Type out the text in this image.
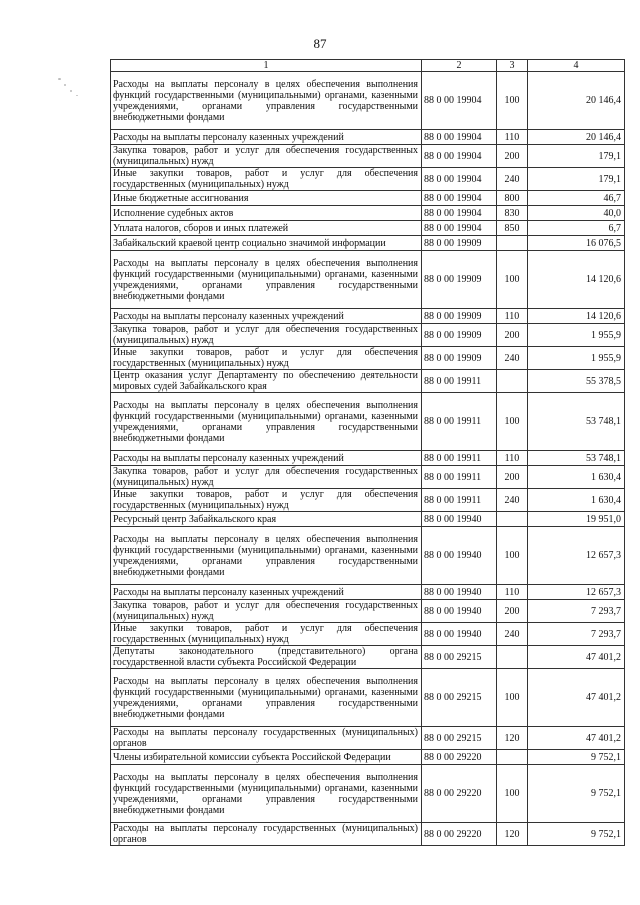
87
1	2	3	4
Расходы на выплаты персоналу в целях обеспечения выполнения функций государственными (муниципальными) органами, казенными учреждениями, органами управления государственными внебюджетными фондами	88 0 00 19904	100	20 146,4
Расходы на выплаты персоналу казенных учреждений	88 0 00 19904	110	20 146,4
Закупка товаров, работ и услуг для обеспечения государственных (муниципальных) нужд	88 0 00 19904	200	179,1
Иные закупки товаров, работ и услуг для обеспечения государственных (муниципальных) нужд	88 0 00 19904	240	179,1
Иные бюджетные ассигнования	88 0 00 19904	800	46,7
Исполнение судебных актов	88 0 00 19904	830	40,0
Уплата налогов, сборов и иных платежей	88 0 00 19904	850	6,7
Забайкальский краевой центр социально значимой информации	88 0 00 19909		16 076,5
Расходы на выплаты персоналу в целях обеспечения выполнения функций государственными (муниципальными) органами, казенными учреждениями, органами управления государственными внебюджетными фондами	88 0 00 19909	100	14 120,6
Расходы на выплаты персоналу казенных учреждений	88 0 00 19909	110	14 120,6
Закупка товаров, работ и услуг для обеспечения государственных (муниципальных) нужд	88 0 00 19909	200	1 955,9
Иные закупки товаров, работ и услуг для обеспечения государственных (муниципальных) нужд	88 0 00 19909	240	1 955,9
Центр оказания услуг Департаменту по обеспечению деятельности мировых судей Забайкальского края	88 0 00 19911		55 378,5
Расходы на выплаты персоналу в целях обеспечения выполнения функций государственными (муниципальными) органами, казенными учреждениями, органами управления государственными внебюджетными фондами	88 0 00 19911	100	53 748,1
Расходы на выплаты персоналу казенных учреждений	88 0 00 19911	110	53 748,1
Закупка товаров, работ и услуг для обеспечения государственных (муниципальных) нужд	88 0 00 19911	200	1 630,4
Иные закупки товаров, работ и услуг для обеспечения государственных (муниципальных) нужд	88 0 00 19911	240	1 630,4
Ресурсный центр Забайкальского края	88 0 00 19940		19 951,0
Расходы на выплаты персоналу в целях обеспечения выполнения функций государственными (муниципальными) органами, казенными учреждениями, органами управления государственными внебюджетными фондами	88 0 00 19940	100	12 657,3
Расходы на выплаты персоналу казенных учреждений	88 0 00 19940	110	12 657,3
Закупка товаров, работ и услуг для обеспечения государственных (муниципальных) нужд	88 0 00 19940	200	7 293,7
Иные закупки товаров, работ и услуг для обеспечения государственных (муниципальных) нужд	88 0 00 19940	240	7 293,7
Депутаты законодательного (представительного) органа государственной власти субъекта Российской Федерации	88 0 00 29215		47 401,2
Расходы на выплаты персоналу в целях обеспечения выполнения функций государственными (муниципальными) органами, казенными учреждениями, органами управления государственными внебюджетными фондами	88 0 00 29215	100	47 401,2
Расходы на выплаты персоналу государственных (муниципальных) органов	88 0 00 29215	120	47 401,2
Члены избирательной комиссии субъекта Российской Федерации	88 0 00 29220		9 752,1
Расходы на выплаты персоналу в целях обеспечения выполнения функций государственными (муниципальными) органами, казенными учреждениями, органами управления государственными внебюджетными фондами	88 0 00 29220	100	9 752,1
Расходы на выплаты персоналу государственных (муниципальных) органов	88 0 00 29220	120	9 752,1
